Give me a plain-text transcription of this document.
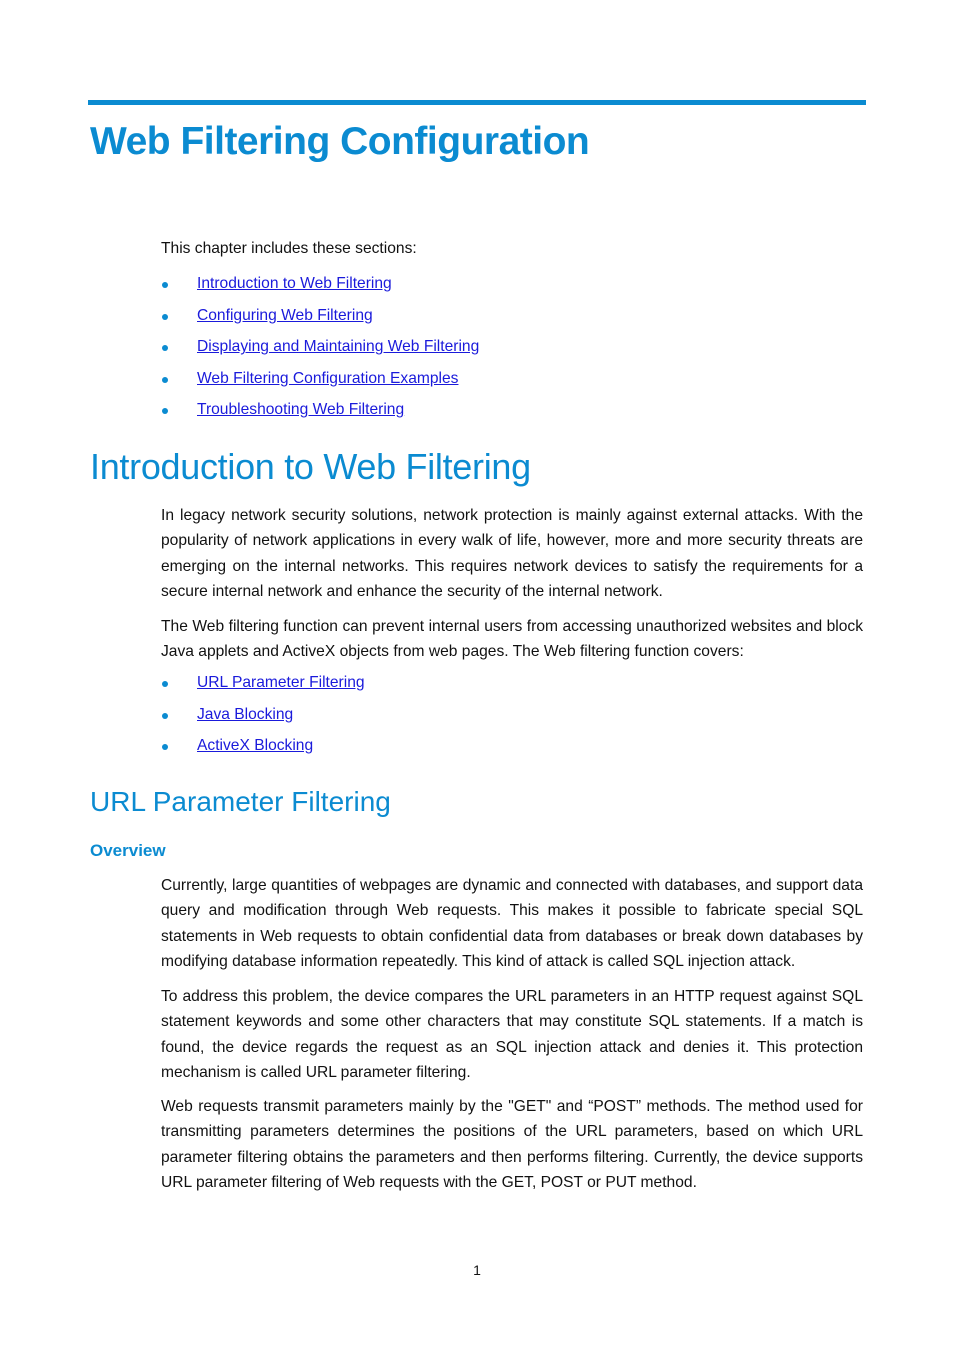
Web Filtering Configuration

This chapter includes these sections:

Introduction to Web Filtering
Configuring Web Filtering
Displaying and Maintaining Web Filtering
Web Filtering Configuration Examples
Troubleshooting Web Filtering
Introduction to Web Filtering

In legacy network security solutions, network protection is mainly against external attacks. With the popularity of network applications in every walk of life, however, more and more security threats are emerging on the internal networks. This requires network devices to satisfy the requirements for a secure internal network and enhance the security of the internal network.

The Web filtering function can prevent internal users from accessing unauthorized websites and block Java applets and ActiveX objects from web pages. The Web filtering function covers:

URL Parameter Filtering
Java Blocking
ActiveX Blocking
URL Parameter Filtering
Overview

Currently, large quantities of webpages are dynamic and connected with databases, and support data query and modification through Web requests. This makes it possible to fabricate special SQL statements in Web requests to obtain confidential data from databases or break down databases by modifying database information repeatedly. This kind of attack is called SQL injection attack.

To address this problem, the device compares the URL parameters in an HTTP request against SQL statement keywords and some other characters that may constitute SQL statements. If a match is found, the device regards the request as an SQL injection attack and denies it. This protection mechanism is called URL parameter filtering.

Web requests transmit parameters mainly by the "GET" and “POST” methods. The method used for transmitting parameters determines the positions of the URL parameters, based on which URL parameter filtering obtains the parameters and then performs filtering. Currently, the device supports URL parameter filtering of Web requests with the GET, POST or PUT method.

1
